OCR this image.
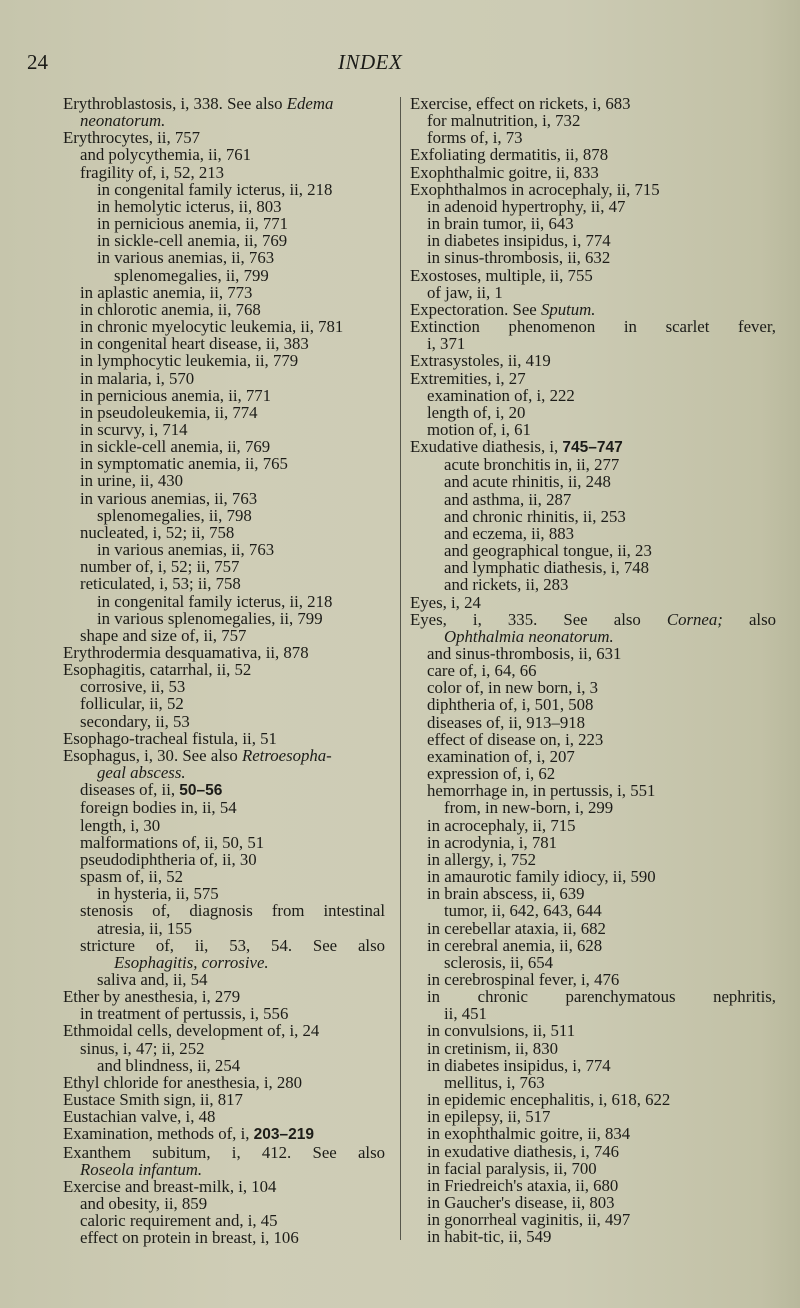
24	INDEX
Erythroblastosis, i, 338. See also Edema
neonatorum.
Erythrocytes, ii, 757
and polycythemia, ii, 761
fragility of, i, 52, 213
in congenital family icterus, ii, 218
in hemolytic icterus, ii, 803
in pernicious anemia, ii, 771
in sickle-cell anemia, ii, 769
in various anemias, ii, 763
splenomegalies, ii, 799
in aplastic anemia, ii, 773
in chlorotic anemia, ii, 768
in chronic myelocytic leukemia, ii, 781
in congenital heart disease, ii, 383
in lymphocytic leukemia, ii, 779
in malaria, i, 570
in pernicious anemia, ii, 771
in pseudoleukemia, ii, 774
in scurvy, i, 714
in sickle-cell anemia, ii, 769
in symptomatic anemia, ii, 765
in urine, ii, 430
in various anemias, ii, 763
splenomegalies, ii, 798
nucleated, i, 52; ii, 758
in various anemias, ii, 763
number of, i, 52; ii, 757
reticulated, i, 53; ii, 758
in congenital family icterus, ii, 218
in various splenomegalies, ii, 799
shape and size of, ii, 757
Erythrodermia desquamativa, ii, 878
Esophagitis, catarrhal, ii, 52
corrosive, ii, 53
follicular, ii, 52
secondary, ii, 53
Esophago-tracheal fistula, ii, 51
Esophagus, i, 30. See also Retroesopha-
geal abscess.
diseases of, ii, 50–56
foreign bodies in, ii, 54
length, i, 30
malformations of, ii, 50, 51
pseudodiphtheria of, ii, 30
spasm of, ii, 52
in hysteria, ii, 575
stenosis of, diagnosis from intestinal
atresia, ii, 155
stricture of, ii, 53, 54. See also
Esophagitis, corrosive.
saliva and, ii, 54
Ether by anesthesia, i, 279
in treatment of pertussis, i, 556
Ethmoidal cells, development of, i, 24
sinus, i, 47; ii, 252
and blindness, ii, 254
Ethyl chloride for anesthesia, i, 280
Eustace Smith sign, ii, 817
Eustachian valve, i, 48
Examination, methods of, i, 203–219
Exanthem subitum, i, 412. See also
Roseola infantum.
Exercise and breast-milk, i, 104
and obesity, ii, 859
caloric requirement and, i, 45
effect on protein in breast, i, 106
Exercise, effect on rickets, i, 683
for malnutrition, i, 732
forms of, i, 73
Exfoliating dermatitis, ii, 878
Exophthalmic goitre, ii, 833
Exophthalmos in acrocephaly, ii, 715
in adenoid hypertrophy, ii, 47
in brain tumor, ii, 643
in diabetes insipidus, i, 774
in sinus-thrombosis, ii, 632
Exostoses, multiple, ii, 755
of jaw, ii, 1
Expectoration. See Sputum.
Extinction phenomenon in scarlet fever,
i, 371
Extrasystoles, ii, 419
Extremities, i, 27
examination of, i, 222
length of, i, 20
motion of, i, 61
Exudative diathesis, i, 745–747
acute bronchitis in, ii, 277
and acute rhinitis, ii, 248
and asthma, ii, 287
and chronic rhinitis, ii, 253
and eczema, ii, 883
and geographical tongue, ii, 23
and lymphatic diathesis, i, 748
and rickets, ii, 283
Eyes, i, 24
Eyes, i, 335. See also Cornea; also
Ophthalmia neonatorum.
and sinus-thrombosis, ii, 631
care of, i, 64, 66
color of, in new born, i, 3
diphtheria of, i, 501, 508
diseases of, ii, 913–918
effect of disease on, i, 223
examination of, i, 207
expression of, i, 62
hemorrhage in, in pertussis, i, 551
from, in new-born, i, 299
in acrocephaly, ii, 715
in acrodynia, i, 781
in allergy, i, 752
in amaurotic family idiocy, ii, 590
in brain abscess, ii, 639
tumor, ii, 642, 643, 644
in cerebellar ataxia, ii, 682
in cerebral anemia, ii, 628
sclerosis, ii, 654
in cerebrospinal fever, i, 476
in chronic parenchymatous nephritis,
ii, 451
in convulsions, ii, 511
in cretinism, ii, 830
in diabetes insipidus, i, 774
mellitus, i, 763
in epidemic encephalitis, i, 618, 622
in epilepsy, ii, 517
in exophthalmic goitre, ii, 834
in exudative diathesis, i, 746
in facial paralysis, ii, 700
in Friedreich's ataxia, ii, 680
in Gaucher's disease, ii, 803
in gonorrheal vaginitis, ii, 497
in habit-tic, ii, 549
